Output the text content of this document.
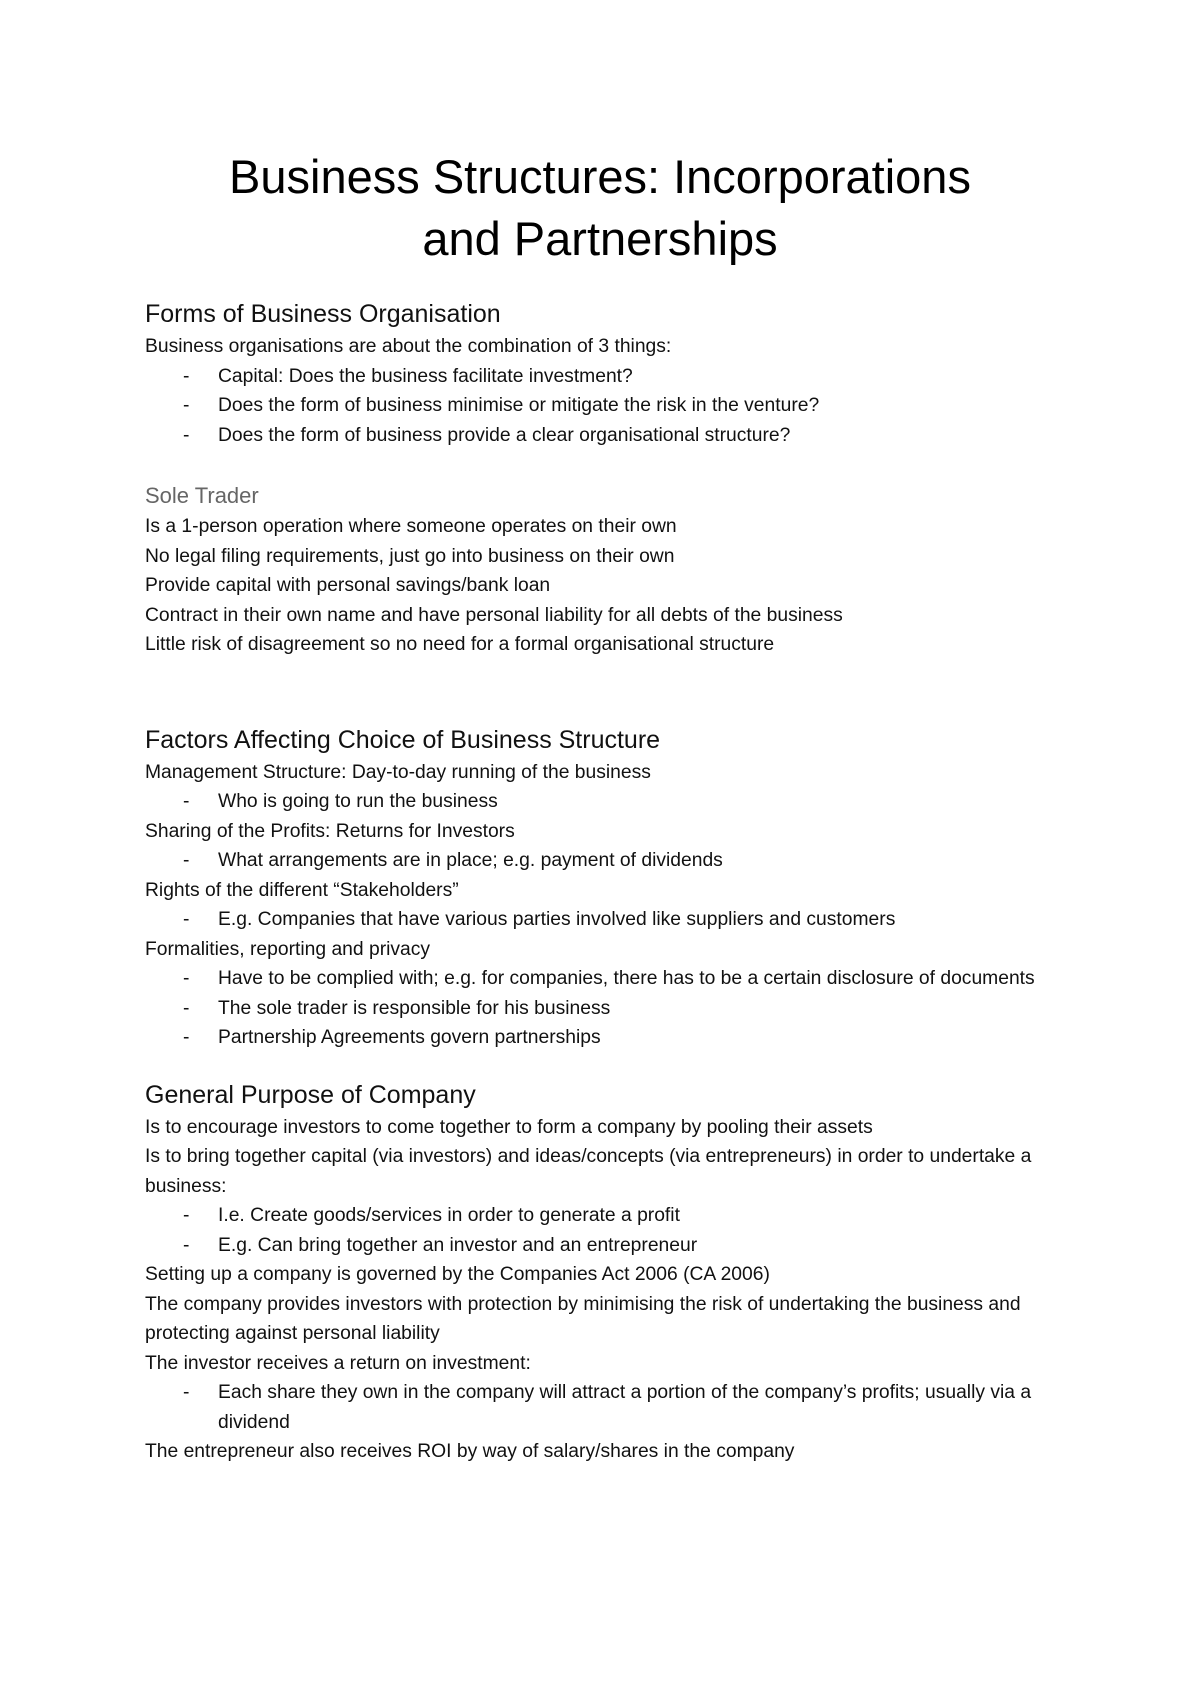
Business Structures: Incorporations and Partnerships
Forms of Business Organisation

Business organisations are about the combination of 3 things:

- Capital: Does the business facilitate investment?
- Does the form of business minimise or mitigate the risk in the venture?
- Does the form of business provide a clear organisational structure?
Sole Trader

Is a 1-person operation where someone operates on their own

No legal filing requirements, just go into business on their own

Provide capital with personal savings/bank loan

Contract in their own name and have personal liability for all debts of the business

Little risk of disagreement so no need for a formal organisational structure

Factors Affecting Choice of Business Structure

Management Structure: Day-to-day running of the business

- Who is going to run the business

Sharing of the Profits: Returns for Investors

- What arrangements are in place; e.g. payment of dividends

Rights of the different “Stakeholders”

- E.g. Companies that have various parties involved like suppliers and customers

Formalities, reporting and privacy

- Have to be complied with; e.g. for companies, there has to be a certain disclosure of documents
- The sole trader is responsible for his business
- Partnership Agreements govern partnerships
General Purpose of Company

Is to encourage investors to come together to form a company by pooling their assets

Is to bring together capital (via investors) and ideas/concepts (via entrepreneurs) in order to undertake a business:

- I.e. Create goods/services in order to generate a profit
- E.g. Can bring together an investor and an entrepreneur

Setting up a company is governed by the Companies Act 2006 (CA 2006)

The company provides investors with protection by minimising the risk of undertaking the business and protecting against personal liability

The investor receives a return on investment:

- Each share they own in the company will attract a portion of the company’s profits; usually via a dividend

The entrepreneur also receives ROI by way of salary/shares in the company
